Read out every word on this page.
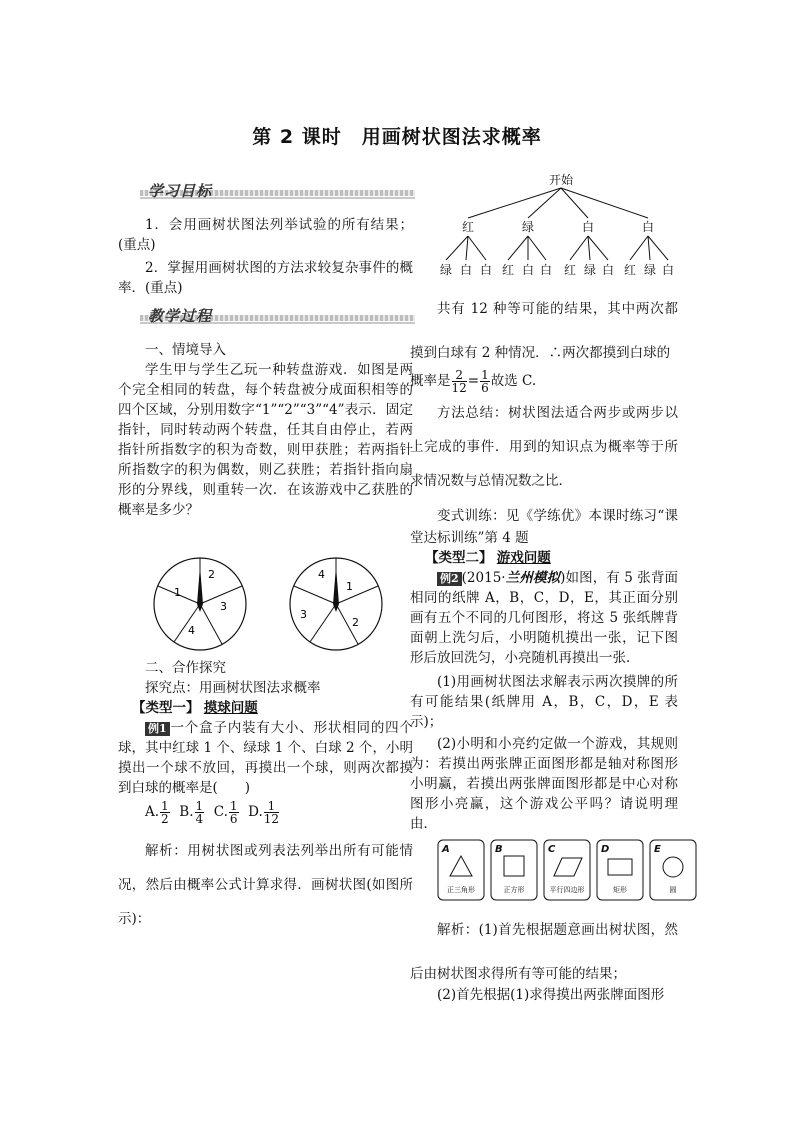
第 2 课时　用画树状图法求概率
学习目标
1．会用画树状图法列举试验的所有结果；(重点)
2．掌握用画树状图的方法求较复杂事件的概率．(重点)
教学过程
一、情境导入
学生甲与学生乙玩一种转盘游戏．如图是两个完全相同的转盘，每个转盘被分成面积相等的四个区域，分别用数字“1”“2”“3”“4”表示．固定指针，同时转动两个转盘，任其自由停止，若两指针所指数字的积为奇数，则甲获胜；若两指针所指数字的积为偶数，则乙获胜；若指针指向扇形的分界线，则重转一次．在该游戏中乙获胜的概率是多少？
1
2
3
4
4
1
2
3
二、合作探究
探究点：用画树状图法求概率
【类型一】 摸球问题
例1 一个盒子内装有大小、形状相同的四个球，其中红球 1 个、绿球 1 个、白球 2 个，小明摸出一个球不放回，再摸出一个球，则两次都摸到白球的概率是(　　)
A. $\frac{1}{2} B$. $\frac{1}{4} C$. $\frac{1}{6} D$. $\frac{1}{12}$
解析：用树状图或列表法列举出所有可能情况，然后由概率公式计算求得．画树状图(如图所示)：
开始
红	绿	白	白
绿 白 白 红 白 白 红 绿 白 红 绿 白
共有 12 种等可能的结果，其中两次都摸到白球有 2 种情况．∴两次都摸到白球的
概率是 $\frac{2}{12} = \frac{1}{6}$ 故选 C.
方法总结：树状图法适合两步或两步以上完成的事件．用到的知识点为概率等于所求情况数与总情况数之比．
变式训练：见《学练优》本课时练习“课堂达标训练”第 4 题
【类型二】 游戏问题
例2 (2015·兰州模拟)如图，有 5 张背面相同的纸牌 A，B，C，D，E，其正面分别画有五个不同的几何图形，将这 5 张纸牌背面朝上洗匀后，小明随机摸出一张，记下图形后放回洗匀，小亮随机再摸出一张．
(1)用画树状图法求解表示两次摸牌的所有可能结果(纸牌用 A，B，C，D，E 表示)；
(2)小明和小亮约定做一个游戏，其规则为：若摸出两张牌正面图形都是轴对称图形小明赢，若摸出两张牌面图形都是中心对称图形小亮赢，这个游戏公平吗？请说明理由．
A	B	C	D	E
正三角形	正方形	平行四边形	矩形	圆
解析：(1)首先根据题意画出树状图，然后由树状图求得所有等可能的结果；
(2)首先根据(1)求得摸出两张牌面图形
